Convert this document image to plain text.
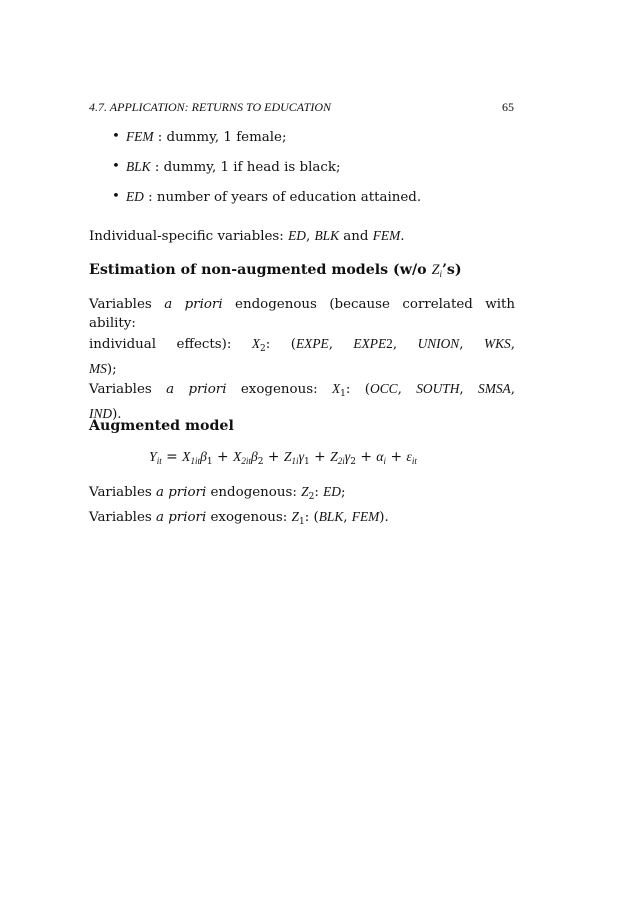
4.7. APPLICATION: RETURNS TO EDUCATION	65
• FEM : dummy, 1 female;
• BLK : dummy, 1 if head is black;
• ED : number of years of education attained.
Individual-specific variables: ED, BLK and FEM.
Estimation of non-augmented models (w/o $Z_i’s$)
Variables a priori endogenous (because correlated with ability:
individual effects): $X_2$: (EXPE, EXPE2, UNION, WKS,
MS);
Variables a priori exogenous: $X_1$: (OCC, SOUTH, SMSA,
IND).
Augmented model
$Y_{it} = X_{1it}\beta_1 + X_{2it}\beta_2 + Z_{1i}\gamma_1 + Z_{2i}\gamma_2 + \alpha_i + \varepsilon_{it}$
Variables a priori endogenous: $Z_2$: ED;
Variables a priori exogenous: $Z_1$: (BLK, FEM).
